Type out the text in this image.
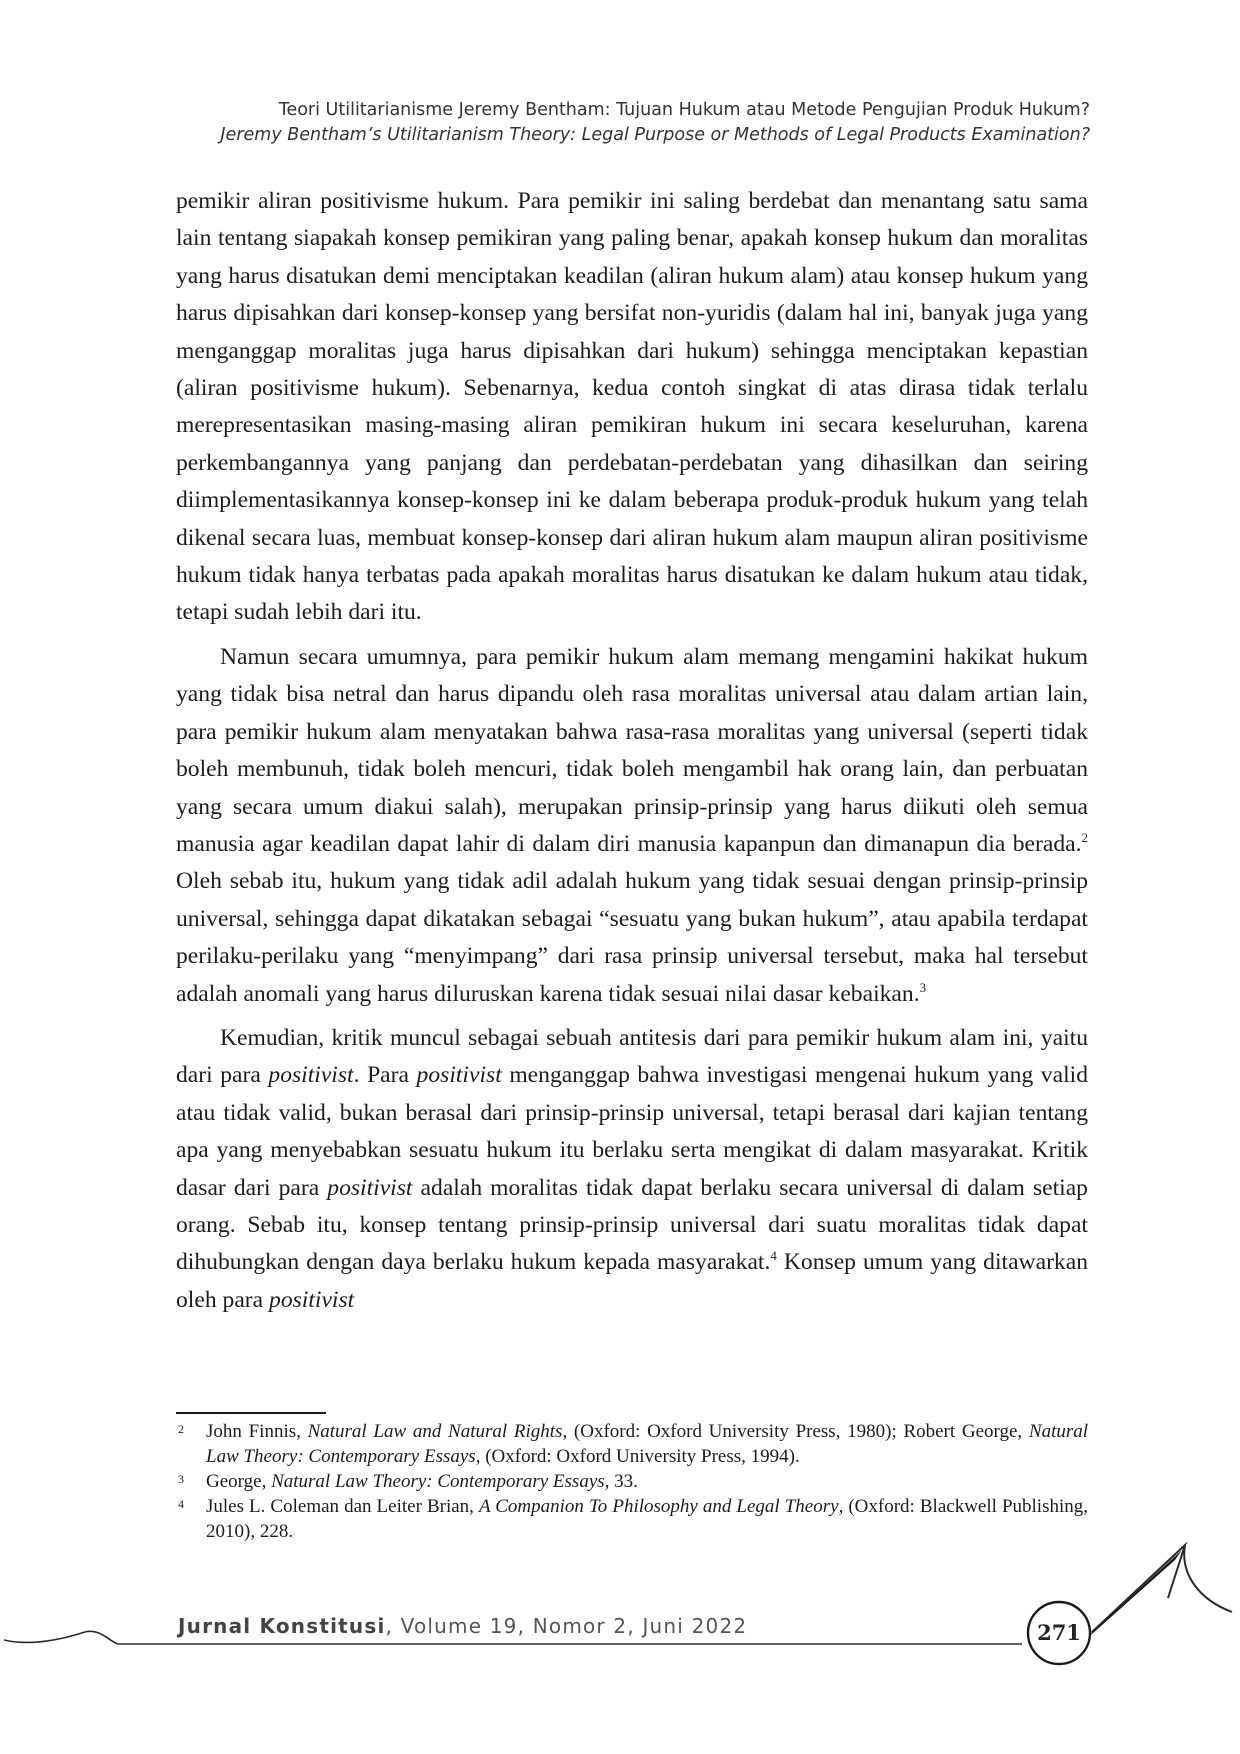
Teori Utilitarianisme Jeremy Bentham: Tujuan Hukum atau Metode Pengujian Produk Hukum?
Jeremy Bentham’s Utilitarianism Theory: Legal Purpose or Methods of Legal Products Examination?

pemikir aliran positivisme hukum. Para pemikir ini saling berdebat dan menantang satu sama lain tentang siapakah konsep pemikiran yang paling benar, apakah konsep hukum dan moralitas yang harus disatukan demi menciptakan keadilan (aliran hukum alam) atau konsep hukum yang harus dipisahkan dari konsep-konsep yang bersifat non-yuridis (dalam hal ini, banyak juga yang menganggap moralitas juga harus dipisahkan dari hukum) sehingga menciptakan kepastian (aliran positivisme hukum). Sebenarnya, kedua contoh singkat di atas dirasa tidak terlalu merepresentasikan masing-masing aliran pemikiran hukum ini secara keseluruhan, karena perkembangannya yang panjang dan perdebatan-perdebatan yang dihasilkan dan seiring diimplementasikannya konsep-konsep ini ke dalam beberapa produk-produk hukum yang telah dikenal secara luas, membuat konsep-konsep dari aliran hukum alam maupun aliran positivisme hukum tidak hanya terbatas pada apakah moralitas harus disatukan ke dalam hukum atau tidak, tetapi sudah lebih dari itu.

Namun secara umumnya, para pemikir hukum alam memang mengamini hakikat hukum yang tidak bisa netral dan harus dipandu oleh rasa moralitas universal atau dalam artian lain, para pemikir hukum alam menyatakan bahwa rasa-rasa moralitas yang universal (seperti tidak boleh membunuh, tidak boleh mencuri, tidak boleh mengambil hak orang lain, dan perbuatan yang secara umum diakui salah), merupakan prinsip-prinsip yang harus diikuti oleh semua manusia agar keadilan dapat lahir di dalam diri manusia kapanpun dan dimanapun dia berada.$^2$ Oleh sebab itu, hukum yang tidak adil adalah hukum yang tidak sesuai dengan prinsip-prinsip universal, sehingga dapat dikatakan sebagai “sesuatu yang bukan hukum”, atau apabila terdapat perilaku-perilaku yang “menyimpang” dari rasa prinsip universal tersebut, maka hal tersebut adalah anomali yang harus diluruskan karena tidak sesuai nilai dasar kebaikan.$^3$

Kemudian, kritik muncul sebagai sebuah antitesis dari para pemikir hukum alam ini, yaitu dari para positivist. Para positivist menganggap bahwa investigasi mengenai hukum yang valid atau tidak valid, bukan berasal dari prinsip-prinsip universal, tetapi berasal dari kajian tentang apa yang menyebabkan sesuatu hukum itu berlaku serta mengikat di dalam masyarakat. Kritik dasar dari para positivist adalah moralitas tidak dapat berlaku secara universal di dalam setiap orang. Sebab itu, konsep tentang prinsip-prinsip universal dari suatu moralitas tidak dapat dihubungkan dengan daya berlaku hukum kepada masyarakat.$^4$ Konsep umum yang ditawarkan oleh para positivist

2 John Finnis, Natural Law and Natural Rights, (Oxford: Oxford University Press, 1980); Robert George, Natural Law Theory: Contemporary Essays, (Oxford: Oxford University Press, 1994).
3 George, Natural Law Theory: Contemporary Essays, 33.
4 Jules L. Coleman dan Leiter Brian, A Companion To Philosophy and Legal Theory, (Oxford: Blackwell Publishing, 2010), 228.
Jurnal Konstitusi, Volume 19, Nomor 2, Juni 2022	271
